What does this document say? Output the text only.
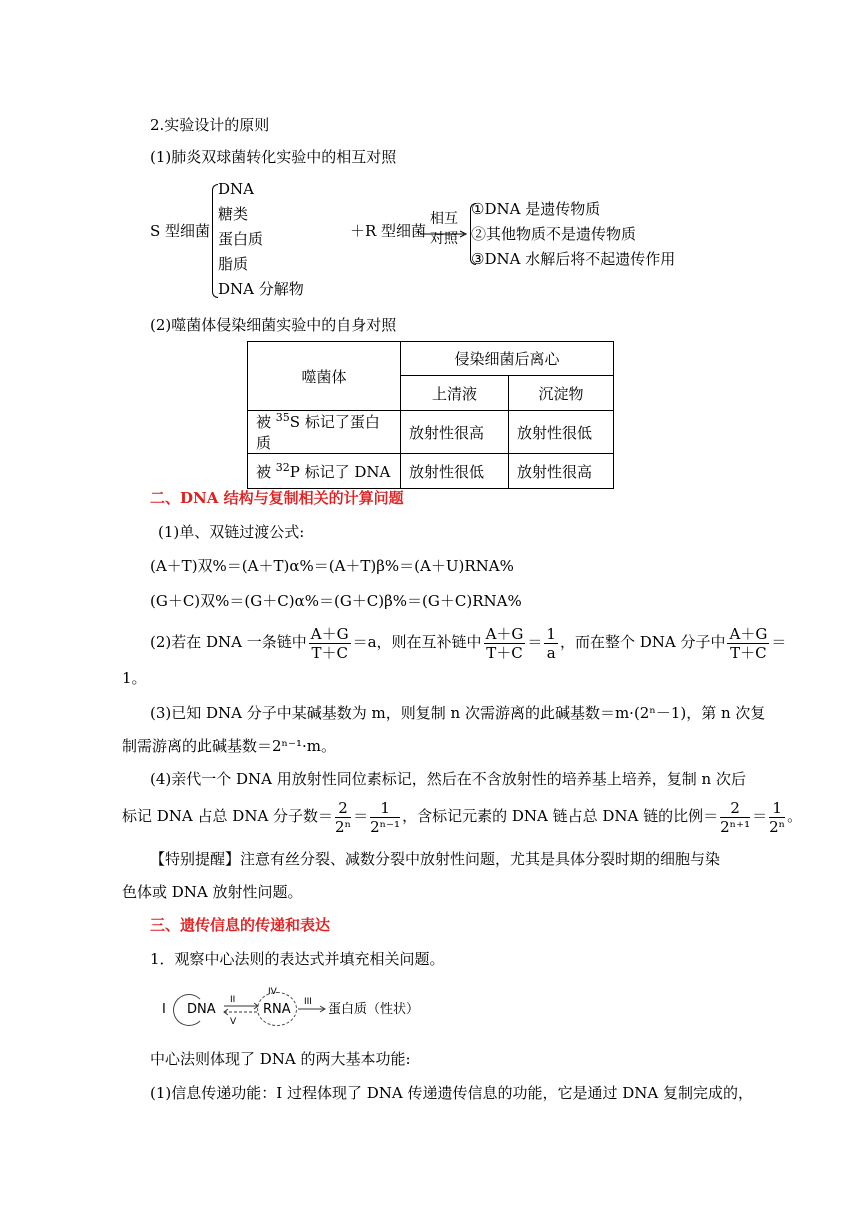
2.实验设计的原则
(1)肺炎双球菌转化实验中的相互对照
S 型细菌
DNA
糖类
蛋白质
脂质
DNA 分解物
＋R 型细菌
相互
对照
①DNA 是遗传物质
②其他物质不是遗传物质
③DNA 水解后将不起遗传作用
(2)噬菌体侵染细菌实验中的自身对照
噬菌体	侵染细菌后离心	
	上清液	沉淀物
被 $^{35}$S 标记了蛋白质	放射性很高	放射性很低
被 $^{32}$P 标记了 DNA	放射性很低	放射性很高
二、DNA 结构与复制相关的计算问题
(1)单、双链过渡公式:
(A＋T)双%＝(A＋T)α%＝(A＋T)β%＝(A＋U)RNA%
(G＋C)双%＝(G＋C)α%＝(G＋C)β%＝(G＋C)RNA%
(2)若在 DNA 一条链中 $\frac{A+G}{T+C} =a$，则在互补链中 $\frac{A+G}{T+C} = \frac{1}{a}$ ，而在整个 DNA 分子中 $\frac{A+G}{T+C}$ ＝
1。
(3)已知 DNA 分子中某碱基数为 m，则复制 n 次需游离的此碱基数＝m·(2ⁿ－1)，第 n 次复
制需游离的此碱基数＝2ⁿ⁻¹·m。
(4)亲代一个 DNA 用放射性同位素标记，然后在不含放射性的培养基上培养，复制 n 次后
标记 DNA 占总 DNA 分子数＝ $\frac{2}{\text{2ⁿ}} = \frac{1}{\text{2ⁿ⁻¹}}$ ，含标记元素的 DNA 链占总 DNA 链的比例＝ $\frac{2}{\text{2ⁿ⁺¹}} = \frac{1}{\text{2ⁿ}}$ 。
【特别提醒】注意有丝分裂、减数分裂中放射性问题，尤其是具体分裂时期的细胞与染
色体或 DNA 放射性问题。
三、遗传信息的传递和表达
1．观察中心法则的表达式并填充相关问题。
I DNA
II
V
IV
RNA III 蛋白质（性状）
中心法则体现了 DNA 的两大基本功能:
(1)信息传递功能：I 过程体现了 DNA 传递遗传信息的功能，它是通过 DNA 复制完成的，
